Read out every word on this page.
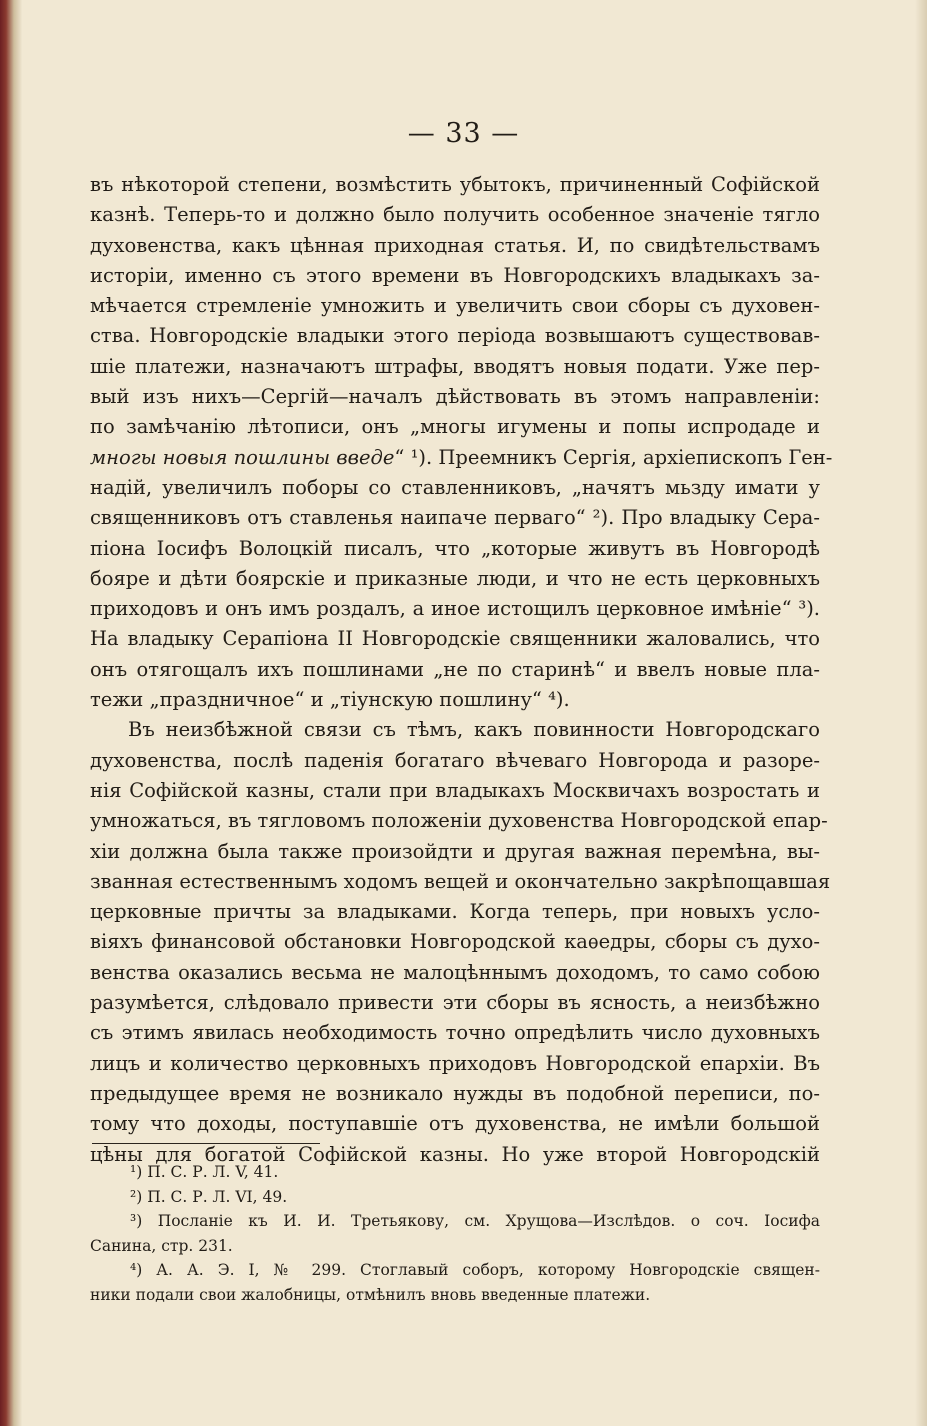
— 33 —
въ нѣкоторой степени, возмѣстить убытокъ, причиненный Софійской
казнѣ. Теперь-то и должно было получить особенное значеніе тягло
духовенства, какъ цѣнная приходная статья. И, по свидѣтельствамъ
исторіи, именно съ этого времени въ Новгородскихъ владыкахъ за-
мѣчается стремленіе умножить и увеличить свои сборы съ духовен-
ства. Новгородскіе владыки этого періода возвышаютъ существовав-
шіе платежи, назначаютъ штрафы, вводятъ новыя подати. Уже пер-
вый изъ нихъ—Сергій—началъ дѣйствовать въ этомъ направленіи:
по замѣчанію лѣтописи, онъ „многы игумены и попы испродаде и
многы новыя пошлины введе“ ¹). Преемникъ Сергія, архіепископъ Ген-
надій, увеличилъ поборы со ставленниковъ, „начятъ мьзду имати у
священниковъ отъ ставленья наипаче перваго“ ²). Про владыку Сера-
піона Іосифъ Волоцкій писалъ, что „которые живутъ въ Новгородѣ
бояре и дѣти боярскіе и приказные люди, и что не есть церковныхъ
приходовъ и онъ имъ роздалъ, а иное истощилъ церковное имѣніе“ ³).
На владыку Серапіона II Новгородскіе священники жаловались, что
онъ отягощалъ ихъ пошлинами „не по старинѣ“ и ввелъ новые пла-
тежи „праздничное“ и „тіунскую пошлину“ ⁴).
Въ неизбѣжной связи съ тѣмъ, какъ повинности Новгородскаго
духовенства, послѣ паденія богатаго вѣчеваго Новгорода и разоре-
нія Софійской казны, стали при владыкахъ Москвичахъ возростать и
умножаться, въ тягловомъ положеніи духовенства Новгородской епар-
хіи должна была также произойдти и другая важная перемѣна, вы-
званная естественнымъ ходомъ вещей и окончательно закрѣпощавшая
церковные причты за владыками. Когда теперь, при новыхъ усло-
віяхъ финансовой обстановки Новгородской каѳедры, сборы съ духо-
венства оказались весьма не малоцѣннымъ доходомъ, то само собою
разумѣется, слѣдовало привести эти сборы въ ясность, а неизбѣжно
съ этимъ явилась необходимость точно опредѣлить число духовныхъ
лицъ и количество церковныхъ приходовъ Новгородской епархіи. Въ
предыдущее время не возникало нужды въ подобной переписи, по-
тому что доходы, поступавшіе отъ духовенства, не имѣли большой
цѣны для богатой Софійской казны. Но уже второй Новгородскій
¹) П. С. Р. Л. V, 41.
²) П. С. Р. Л. VI, 49.
³) Посланіе къ И. И. Третьякову, см. Хрущова—Изслѣдов. о соч. Іосифа
Санина, стр. 231.
⁴) А. А. Э. I, № 299. Стоглавый соборъ, которому Новгородскіе священ-
ники подали свои жалобницы, отмѣнилъ вновь введенные платежи.
